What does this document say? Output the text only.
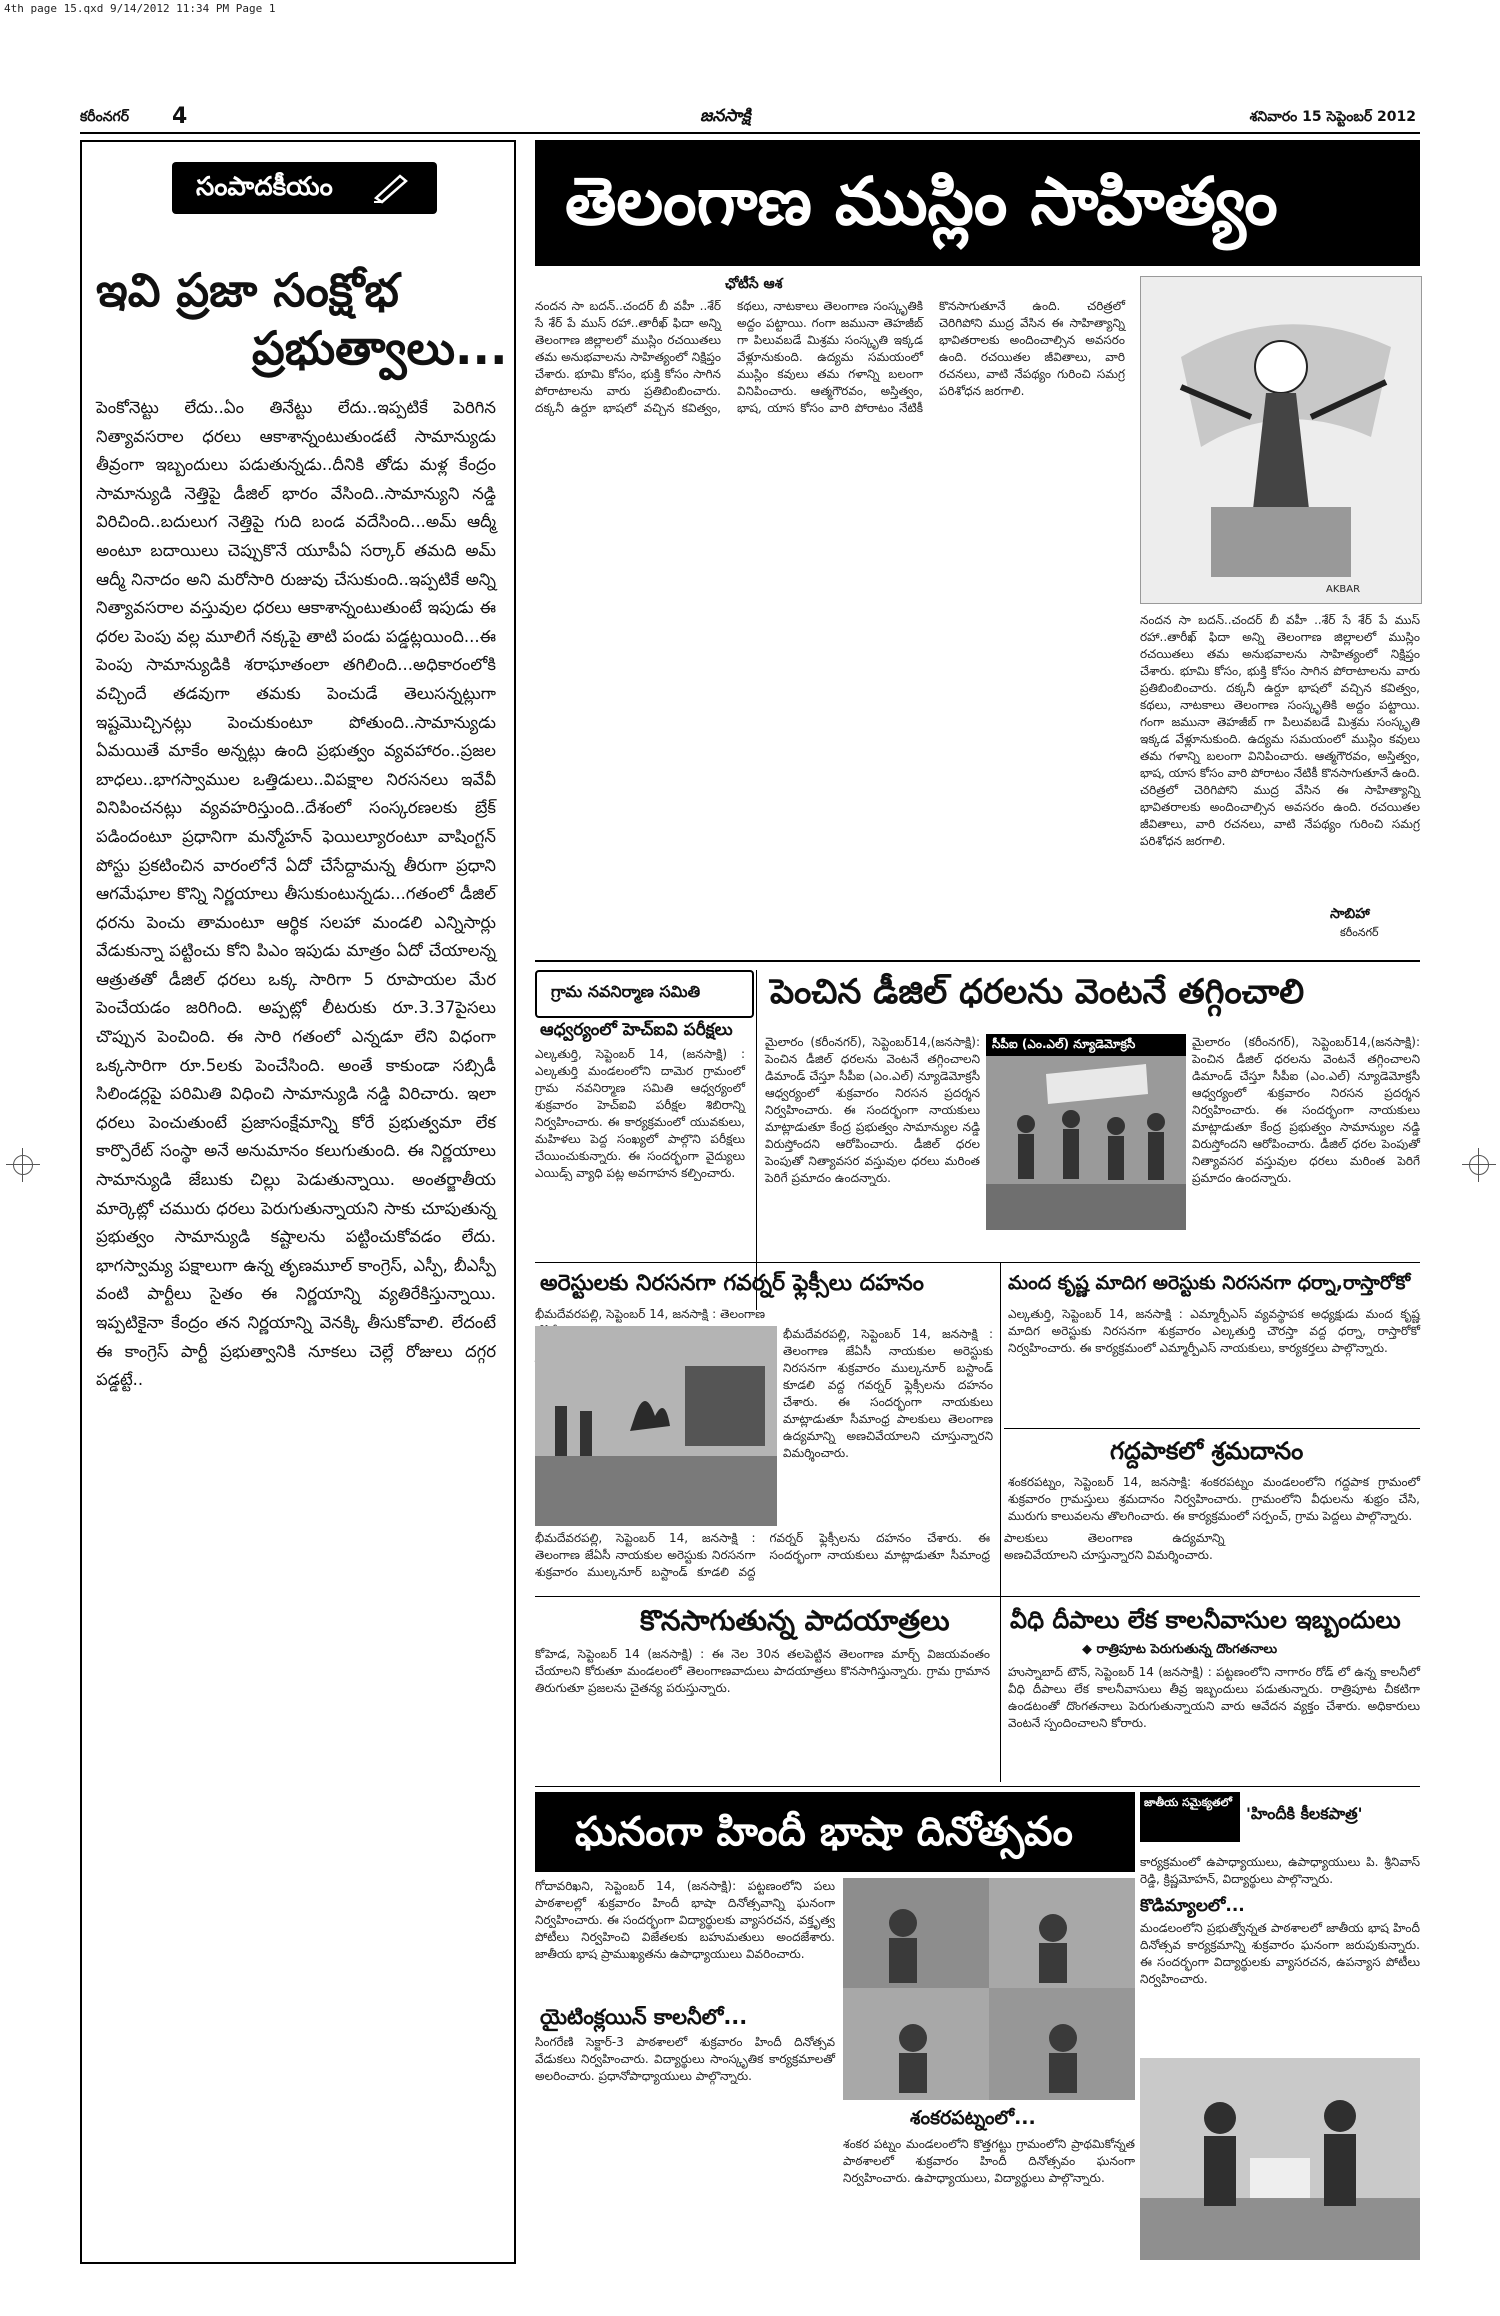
4th page 15.qxd 9/14/2012 11:34 PM Page 1
కరీంనగర్ 4	జనసాక్షి	శనివారం 15 సెప్టెంబర్ 2012
సంపాదకీయం
ఇవి ప్రజా సంక్షోభ
ప్రభుత్వాలు...
పెంకోనెట్టు లేదు..ఏం తినేట్టు లేదు..ఇప్పటికే పెరిగిన నిత్యావసరాల ధరలు ఆకాశాన్నంటుతుండటే సామాన్యుడు తీవ్రంగా ఇబ్బందులు పడుతున్నడు..దీనికి తోడు మళ్ల కేంద్రం సామాన్యుడి నెత్తిపై డీజిల్ భారం వేసింది..సామాన్యుని నడ్డి విరిచింది..బదులుగ నెత్తిపై గుది బండ వదేసింది...అమ్ ఆద్మీ అంటూ బదాయిలు చెప్పుకొనే యూపీఏ సర్కార్ తమది అమ్ ఆద్మీ నినాదం అని మరోసారి రుజువు చేసుకుంది..ఇప్పటికే అన్ని నిత్యావసరాల వస్తువుల ధరలు ఆకాశాన్నంటుతుంటే ఇపుడు ఈ ధరల పెంపు వల్ల మూలిగే నక్కపై తాటి పండు పడ్డట్లయింది...ఈ పెంపు సామాన్యుడికి శరాఘాతంలా తగిలింది...అధికారంలోకి వచ్చిందే తడవుగా తమకు పెంచుడే తెలుసన్నట్లుగా ఇష్టమొచ్చినట్లు పెంచుకుంటూ పోతుంది..సామాన్యుడు ఏమయితే మాకేం అన్నట్లు ఉంది ప్రభుత్వం వ్యవహారం..ప్రజల బాధలు..భాగస్వాముల ఒత్తిడులు..విపక్షాల నిరసనలు ఇవేవీ వినిపించనట్లు వ్యవహరిస్తుంది..దేశంలో సంస్కరణలకు బ్రేక్ పడిందంటూ ప్రధానిగా మన్మోహన్ ఫెయిల్యూరంటూ వాషింగ్టన్ పోస్టు ప్రకటించిన వారంలోనే ఏదో చేసేద్దామన్న తీరుగా ప్రధాని ఆగమేఘాల కొన్ని నిర్ణయాలు తీసుకుంటున్నడు...గతంలో డీజిల్ ధరను పెంచు తామంటూ ఆర్థిక సలహా మండలి ఎన్నిసార్లు వేడుకున్నా పట్టించు కోని పిఎం ఇపుడు మాత్రం ఏదో చేయాలన్న ఆత్రుతతో డీజిల్ ధరలు ఒక్క సారిగా 5 రూపాయల మేర పెంచేయడం జరిగింది. అప్పట్లో లీటరుకు రూ.3.37పైసలు చొప్పున పెంచింది. ఈ సారి గతంలో ఎన్నడూ లేని విధంగా ఒక్కసారిగా రూ.5లకు పెంచేసింది. అంతే కాకుండా సబ్సిడీ సిలిండర్లపై పరిమితి విధించి సామాన్యుడి నడ్డి విరిచారు. ఇలా ధరలు పెంచుతుంటే ప్రజాసంక్షేమాన్ని కోరే ప్రభుత్వమా లేక కార్పొరేట్ సంస్థా అనే అనుమానం కలుగుతుంది. ఈ నిర్ణయాలు సామాన్యుడి జేబుకు చిల్లు పెడుతున్నాయి. అంతర్జాతీయ మార్కెట్లో చమురు ధరలు పెరుగుతున్నాయని సాకు చూపుతున్న ప్రభుత్వం సామాన్యుడి కష్టాలను పట్టించుకోవడం లేదు. భాగస్వామ్య పక్షాలుగా ఉన్న తృణమూల్ కాంగ్రెస్, ఎస్పీ, బీఎస్పీ వంటి పార్టీలు సైతం ఈ నిర్ణయాన్ని వ్యతిరేకిస్తున్నాయి. ఇప్పటికైనా కేంద్రం తన నిర్ణయాన్ని వెనక్కి తీసుకోవాలి. లేదంటే ఈ కాంగ్రెస్ పార్టీ ప్రభుత్వానికి నూకలు చెల్లే రోజులు దగ్గర పడ్డట్టే..
తెలంగాణ ముస్లిం సాహిత్యం
ఛోటీసే ఆశ
నందన సా బదన్..చందర్ బీ వహీ ..శేర్ సే శేర్ పే ముస్ రహా..తారీఖ్ ఫిదా అన్ని తెలంగాణ జిల్లాలలో ముస్లిం రచయితలు తమ అనుభవాలను సాహిత్యంలో నిక్షిప్తం చేశారు. భూమి కోసం, భుక్తి కోసం సాగిన పోరాటాలను వారు ప్రతిబింబించారు. దక్కనీ ఉర్దూ భాషలో వచ్చిన కవిత్వం, కథలు, నాటకాలు తెలంగాణ సంస్కృతికి అద్దం పట్టాయి. గంగా జమునా తెహజీబ్ గా పిలువబడే మిశ్రమ సంస్కృతి ఇక్కడ వేళ్లూనుకుంది. ఉద్యమ సమయంలో ముస్లిం కవులు తమ గళాన్ని బలంగా వినిపించారు. ఆత్మగౌరవం, అస్తిత్వం, భాష, యాస కోసం వారి పోరాటం నేటికీ కొనసాగుతూనే ఉంది. చరిత్రలో చెరిగిపోని ముద్ర వేసిన ఈ సాహిత్యాన్ని భావితరాలకు అందించాల్సిన అవసరం ఉంది. రచయితల జీవితాలు, వారి రచనలు, వాటి నేపథ్యం గురించి సమగ్ర పరిశోధన జరగాలి.
AKBAR

నందన సా బదన్..చందర్ బీ వహీ ..శేర్ సే శేర్ పే ముస్ రహా..తారీఖ్ ఫిదా అన్ని తెలంగాణ జిల్లాలలో ముస్లిం రచయితలు తమ అనుభవాలను సాహిత్యంలో నిక్షిప్తం చేశారు. భూమి కోసం, భుక్తి కోసం సాగిన పోరాటాలను వారు ప్రతిబింబించారు. దక్కనీ ఉర్దూ భాషలో వచ్చిన కవిత్వం, కథలు, నాటకాలు తెలంగాణ సంస్కృతికి అద్దం పట్టాయి. గంగా జమునా తెహజీబ్ గా పిలువబడే మిశ్రమ సంస్కృతి ఇక్కడ వేళ్లూనుకుంది. ఉద్యమ సమయంలో ముస్లిం కవులు తమ గళాన్ని బలంగా వినిపించారు. ఆత్మగౌరవం, అస్తిత్వం, భాష, యాస కోసం వారి పోరాటం నేటికీ కొనసాగుతూనే ఉంది. చరిత్రలో చెరిగిపోని ముద్ర వేసిన ఈ సాహిత్యాన్ని భావితరాలకు అందించాల్సిన అవసరం ఉంది. రచయితల జీవితాలు, వారి రచనలు, వాటి నేపథ్యం గురించి సమగ్ర పరిశోధన జరగాలి.

సాబిహా
కరీంనగర్
గ్రామ నవనిర్మాణ సమితి
ఆధ్వర్యంలో హెచ్ఐవి పరీక్షలు
ఎల్కతుర్తి, సెప్టెంబర్ 14, (జనసాక్షి) : ఎల్కతుర్తి మండలంలోని దామెర గ్రామంలో గ్రామ నవనిర్మాణ సమితి ఆధ్వర్యంలో శుక్రవారం హెచ్ఐవి పరీక్షల శిబిరాన్ని నిర్వహించారు. ఈ కార్యక్రమంలో యువకులు, మహిళలు పెద్ద సంఖ్యలో పాల్గొని పరీక్షలు చేయించుకున్నారు. ఈ సందర్భంగా వైద్యులు ఎయిడ్స్ వ్యాధి పట్ల అవగాహన కల్పించారు.
పెంచిన డీజిల్ ధరలను వెంటనే తగ్గించాలి
మైలారం (కరీంనగర్), సెప్టెంబర్14,(జనసాక్షి): పెంచిన డీజిల్ ధరలను వెంటనే తగ్గించాలని డిమాండ్ చేస్తూ సీపీఐ (ఎం.ఎల్) న్యూడెమోక్రసీ ఆధ్వర్యంలో శుక్రవారం నిరసన ప్రదర్శన నిర్వహించారు. ఈ సందర్భంగా నాయకులు మాట్లాడుతూ కేంద్ర ప్రభుత్వం సామాన్యుల నడ్డి విరుస్తోందని ఆరోపించారు. డీజిల్ ధరల పెంపుతో నిత్యావసర వస్తువుల ధరలు మరింత పెరిగే ప్రమాదం ఉందన్నారు.
సీపీఐ (ఎం.ఎల్) న్యూడెమోక్రసీ	మైలారం (కరీంనగర్), సెప్టెంబర్14,(జనసాక్షి): పెంచిన డీజిల్ ధరలను వెంటనే తగ్గించాలని డిమాండ్ చేస్తూ సీపీఐ (ఎం.ఎల్) న్యూడెమోక్రసీ ఆధ్వర్యంలో శుక్రవారం నిరసన ప్రదర్శన నిర్వహించారు. ఈ సందర్భంగా నాయకులు మాట్లాడుతూ కేంద్ర ప్రభుత్వం సామాన్యుల నడ్డి విరుస్తోందని ఆరోపించారు. డీజిల్ ధరల పెంపుతో నిత్యావసర వస్తువుల ధరలు మరింత పెరిగే ప్రమాదం ఉందన్నారు.

అరెస్టులకు నిరసనగా గవర్నర్ ఫ్లెక్సీలు దహనం
భీమదేవరపల్లి, సెప్టెంబర్ 14, జనసాక్షి : తెలంగాణ
భీమదేవరపల్లి, సెప్టెంబర్ 14, జనసాక్షి : తెలంగాణ జేఏసీ నాయకుల అరెస్టుకు నిరసనగా శుక్రవారం ముల్కనూర్ బస్టాండ్ కూడలి వద్ద గవర్నర్ ఫ్లెక్సీలను దహనం చేశారు. ఈ సందర్భంగా నాయకులు మాట్లాడుతూ సీమాంధ్ర పాలకులు తెలంగాణ ఉద్యమాన్ని అణచివేయాలని చూస్తున్నారని విమర్శించారు.

భీమదేవరపల్లి, సెప్టెంబర్ 14, జనసాక్షి : తెలంగాణ జేఏసీ నాయకుల అరెస్టుకు నిరసనగా శుక్రవారం ముల్కనూర్ బస్టాండ్ కూడలి వద్ద గవర్నర్ ఫ్లెక్సీలను దహనం చేశారు. ఈ సందర్భంగా నాయకులు మాట్లాడుతూ సీమాంధ్ర పాలకులు తెలంగాణ ఉద్యమాన్ని అణచివేయాలని చూస్తున్నారని విమర్శించారు.

మంద కృష్ణ మాదిగ అరెస్టుకు నిరసనగా ధర్నా,రాస్తారోకో
ఎల్కతుర్తి, సెప్టెంబర్ 14, జనసాక్షి : ఎమ్మార్పీఎస్ వ్యవస్థాపక అధ్యక్షుడు మంద కృష్ణ మాదిగ అరెస్టుకు నిరసనగా శుక్రవారం ఎల్కతుర్తి చౌరస్తా వద్ద ధర్నా, రాస్తారోకో నిర్వహించారు. ఈ కార్యక్రమంలో ఎమ్మార్పీఎస్ నాయకులు, కార్యకర్తలు పాల్గొన్నారు.
గద్దపాకలో శ్రమదానం
శంకరపట్నం, సెప్టెంబర్ 14, జనసాక్షి: శంకరపట్నం మండలంలోని గద్దపాక గ్రామంలో శుక్రవారం గ్రామస్తులు శ్రమదానం నిర్వహించారు. గ్రామంలోని వీధులను శుభ్రం చేసి, మురుగు కాలువలను తొలగించారు. ఈ కార్యక్రమంలో సర్పంచ్, గ్రామ పెద్దలు పాల్గొన్నారు.
కొనసాగుతున్న పాదయాత్రలు
కోహెడ, సెప్టెంబర్ 14 (జనసాక్షి) : ఈ నెల 30న తలపెట్టిన తెలంగాణ మార్చ్ విజయవంతం చేయాలని కోరుతూ మండలంలో తెలంగాణవాదులు పాదయాత్రలు కొనసాగిస్తున్నారు. గ్రామ గ్రామాన తిరుగుతూ ప్రజలను చైతన్య పరుస్తున్నారు.
వీధి దీపాలు లేక కాలనీవాసుల ఇబ్బందులు
◆ రాత్రిపూట పెరుగుతున్న దొంగతనాలు
హుస్నాబాద్ టౌన్, సెప్టెంబర్ 14 (జనసాక్షి) : పట్టణంలోని నాగారం రోడ్ లో ఉన్న కాలనీలో వీధి దీపాలు లేక కాలనీవాసులు తీవ్ర ఇబ్బందులు పడుతున్నారు. రాత్రిపూట చీకటిగా ఉండటంతో దొంగతనాలు పెరుగుతున్నాయని వారు ఆవేదన వ్యక్తం చేశారు. అధికారులు వెంటనే స్పందించాలని కోరారు.
ఘనంగా హిందీ భాషా దినోత్సవం
గోదావరిఖని, సెప్టెంబర్ 14, (జనసాక్షి): పట్టణంలోని పలు పాఠశాలల్లో శుక్రవారం హిందీ భాషా దినోత్సవాన్ని ఘనంగా నిర్వహించారు. ఈ సందర్భంగా విద్యార్థులకు వ్యాసరచన, వక్తృత్వ పోటీలు నిర్వహించి విజేతలకు బహుమతులు అందజేశారు. జాతీయ భాష ప్రాముఖ్యతను ఉపాధ్యాయులు వివరించారు.
యైటింక్లయిన్ కాలనీలో...
సింగరేణి సెక్టార్-3 పాఠశాలలో శుక్రవారం హిందీ దినోత్సవ వేడుకలు నిర్వహించారు. విద్యార్థులు సాంస్కృతిక కార్యక్రమాలతో అలరించారు. ప్రధానోపాధ్యాయులు పాల్గొన్నారు.
శంకరపట్నంలో...
శంకర పట్నం మండలంలోని కొత్తగట్టు గ్రామంలోని ప్రాథమికోన్నత పాఠశాలలో శుక్రవారం హిందీ దినోత్సవం ఘనంగా నిర్వహించారు. ఉపాధ్యాయులు, విద్యార్థులు పాల్గొన్నారు.
జాతీయ సమైక్యతలో
'హిందీకి కీలకపాత్ర'
కార్యక్రమంలో ఉపాధ్యాయులు, ఉపాధ్యాయులు పి. శ్రీనివాస్ రెడ్డి, క్రిష్ణమోహన్, విద్యార్థులు పాల్గొన్నారు.
కొడిమ్యాలలో...
మండలంలోని ప్రభుత్వోన్నత పాఠశాలలో జాతీయ భాష హిందీ దినోత్సవ కార్యక్రమాన్ని శుక్రవారం ఘనంగా జరుపుకున్నారు. ఈ సందర్భంగా విద్యార్థులకు వ్యాసరచన, ఉపన్యాస పోటీలు నిర్వహించారు.
